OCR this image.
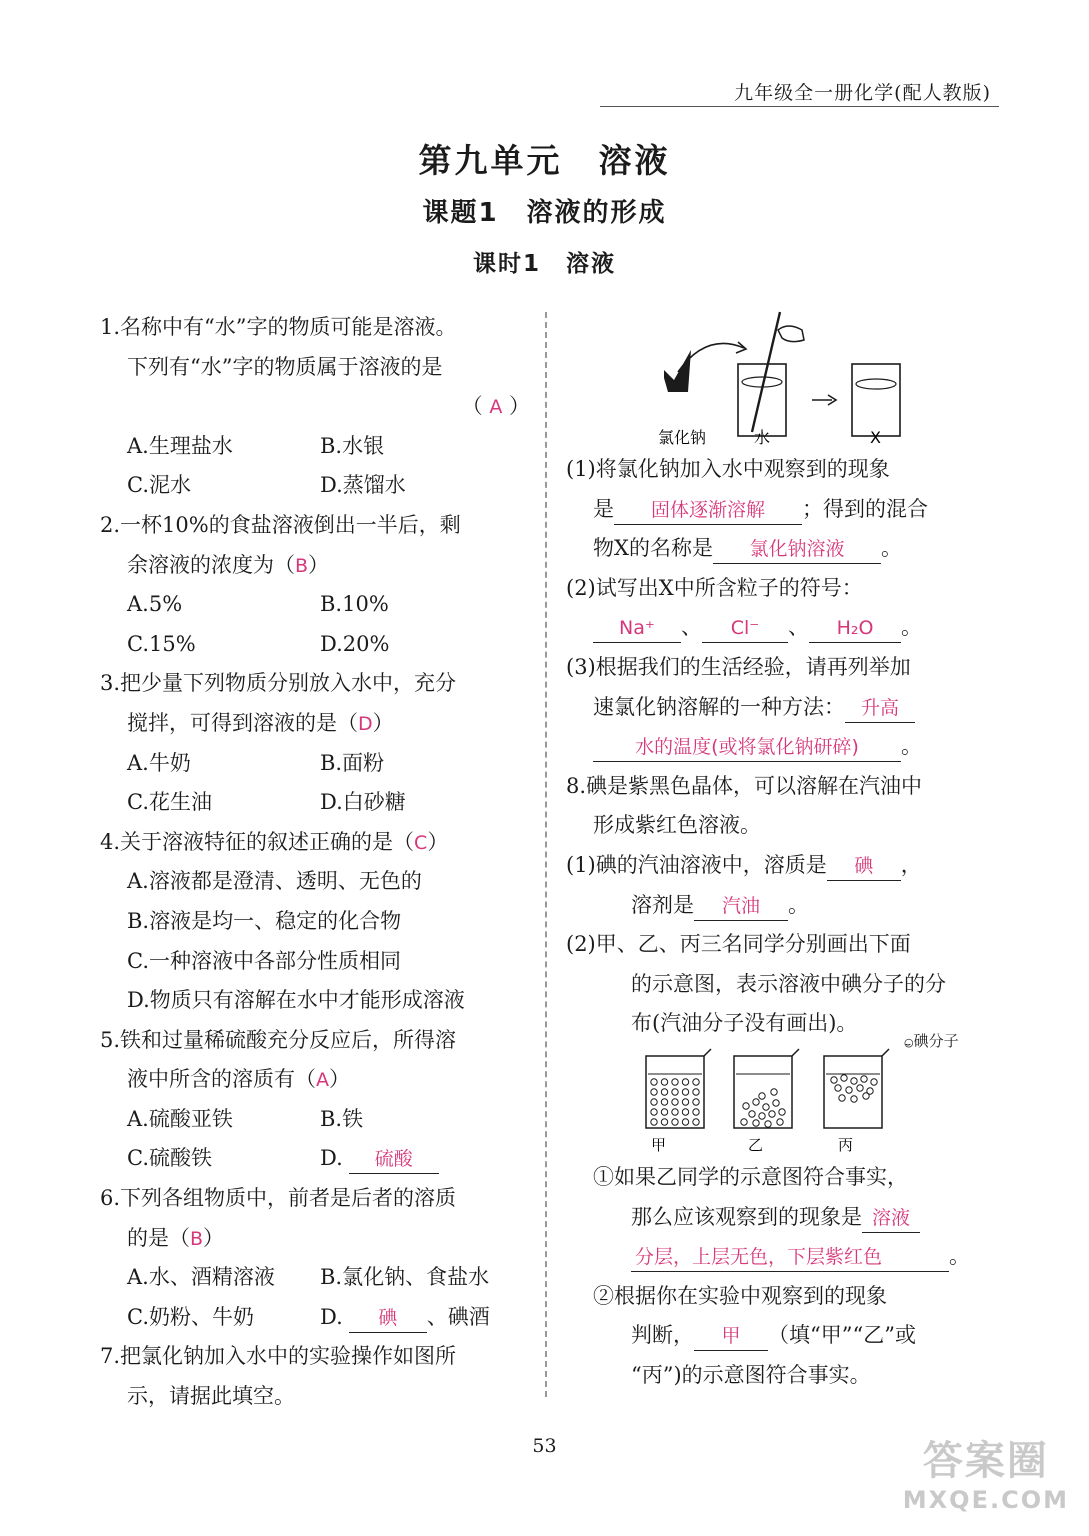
九年级全一册化学(配人教版)
第九单元　溶液
课题1　溶液的形成
课时1　溶液
1.名称中有“水”字的物质可能是溶液。
下列有“水”字的物质属于溶液的是
（ A ）
A.生理盐水	B.水银
C.泥水	D.蒸馏水
2.一杯10%的食盐溶液倒出一半后，剩
余溶液的浓度为（B）
A.5%	B.10%
C.15%	D.20%
3.把少量下列物质分别放入水中，充分
搅拌，可得到溶液的是（D）
A.牛奶	B.面粉
C.花生油	D.白砂糖
4.关于溶液特征的叙述正确的是（C）
A.溶液都是澄清、透明、无色的
B.溶液是均一、稳定的化合物
C.一种溶液中各部分性质相同
D.物质只有溶解在水中才能形成溶液
5.铁和过量稀硫酸充分反应后，所得溶
液中所含的溶质有（A）
A.硫酸亚铁	B.铁
C.硫酸铁	D. 硫酸
6.下列各组物质中，前者是后者的溶质
的是（B）
A.水、酒精溶液 B.氯化钠、食盐水
C.奶粉、牛奶	D. 碘 、碘酒
7.把氯化钠加入水中的实验操作如图所
示，请据此填空。
氯化钠	水	X
(1)将氯化钠加入水中观察到的现象
是 固体逐渐溶解 ；得到的混合
物X的名称是 氯化钠溶液 。
(2)试写出X中所含粒子的符号：
Na⁺ 、 Cl⁻ 、 H₂O 。
(3)根据我们的生活经验，请再列举加
速氯化钠溶解的一种方法： 升高
水的温度(或将氯化钠研碎) 。
8.碘是紫黑色晶体，可以溶解在汽油中
形成紫红色溶液。
(1)碘的汽油溶液中，溶质是 碘 ，
溶剂是 汽油 。
(2)甲、乙、丙三名同学分别画出下面
的示意图，表示溶液中碘分子的分
布(汽油分子没有画出)。
甲	乙	丙
○碘分子
①如果乙同学的示意图符合事实，
那么应该观察到的现象是 溶液
分层，上层无色，下层紫红色	。
②根据你在实验中观察到的现象
判断， 甲 （填“甲”“乙”或
“丙”)的示意图符合事实。
53	答案圈
MXQE.COM
